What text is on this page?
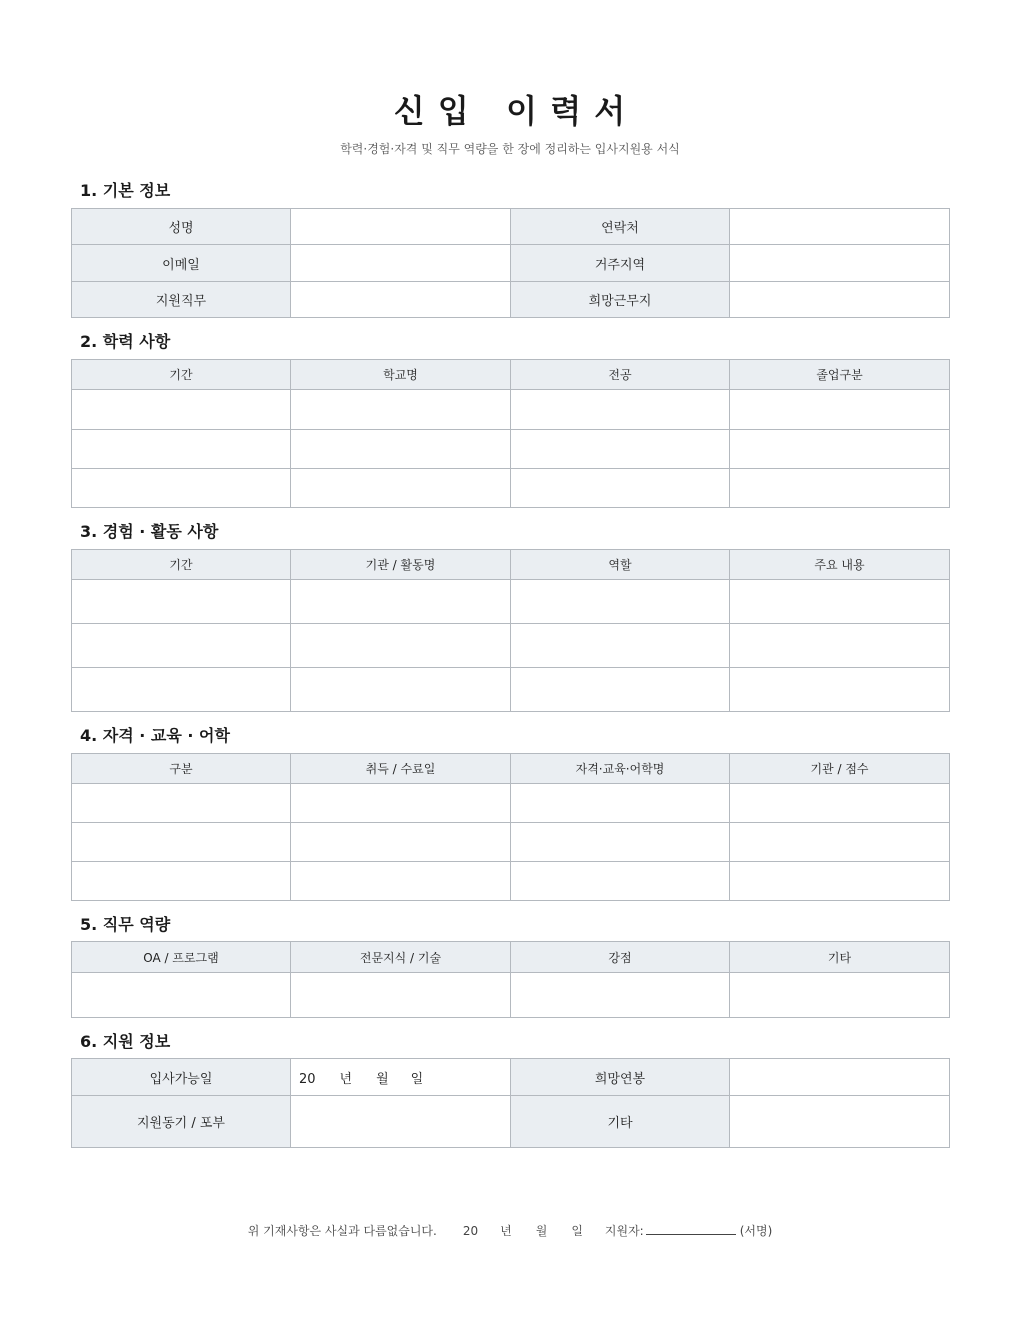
신 입   이 력 서
학력·경험·자격 및 직무 역량을 한 장에 정리하는 입사지원용 서식
1. 기본 정보
성명		연락처	
이메일		거주지역	
지원직무		희망근무지	
2. 학력 사항
기간	학교명	전공	졸업구분

3. 경험 · 활동 사항
기간	기관 / 활동명	역할	주요 내용

4. 자격 · 교육 · 어학
구분	취득 / 수료일	자격·교육·어학명	기관 / 점수

5. 직무 역량
OA / 프로그램	전문지식 / 기술	강점	기타

6. 지원 정보
입사가능일	20 년 월 일	희망연봉	
지원동기 / 포부		기타	
위 기재사항은 사실과 다름없습니다. 20 년 월 일 지원자:	(서명)
